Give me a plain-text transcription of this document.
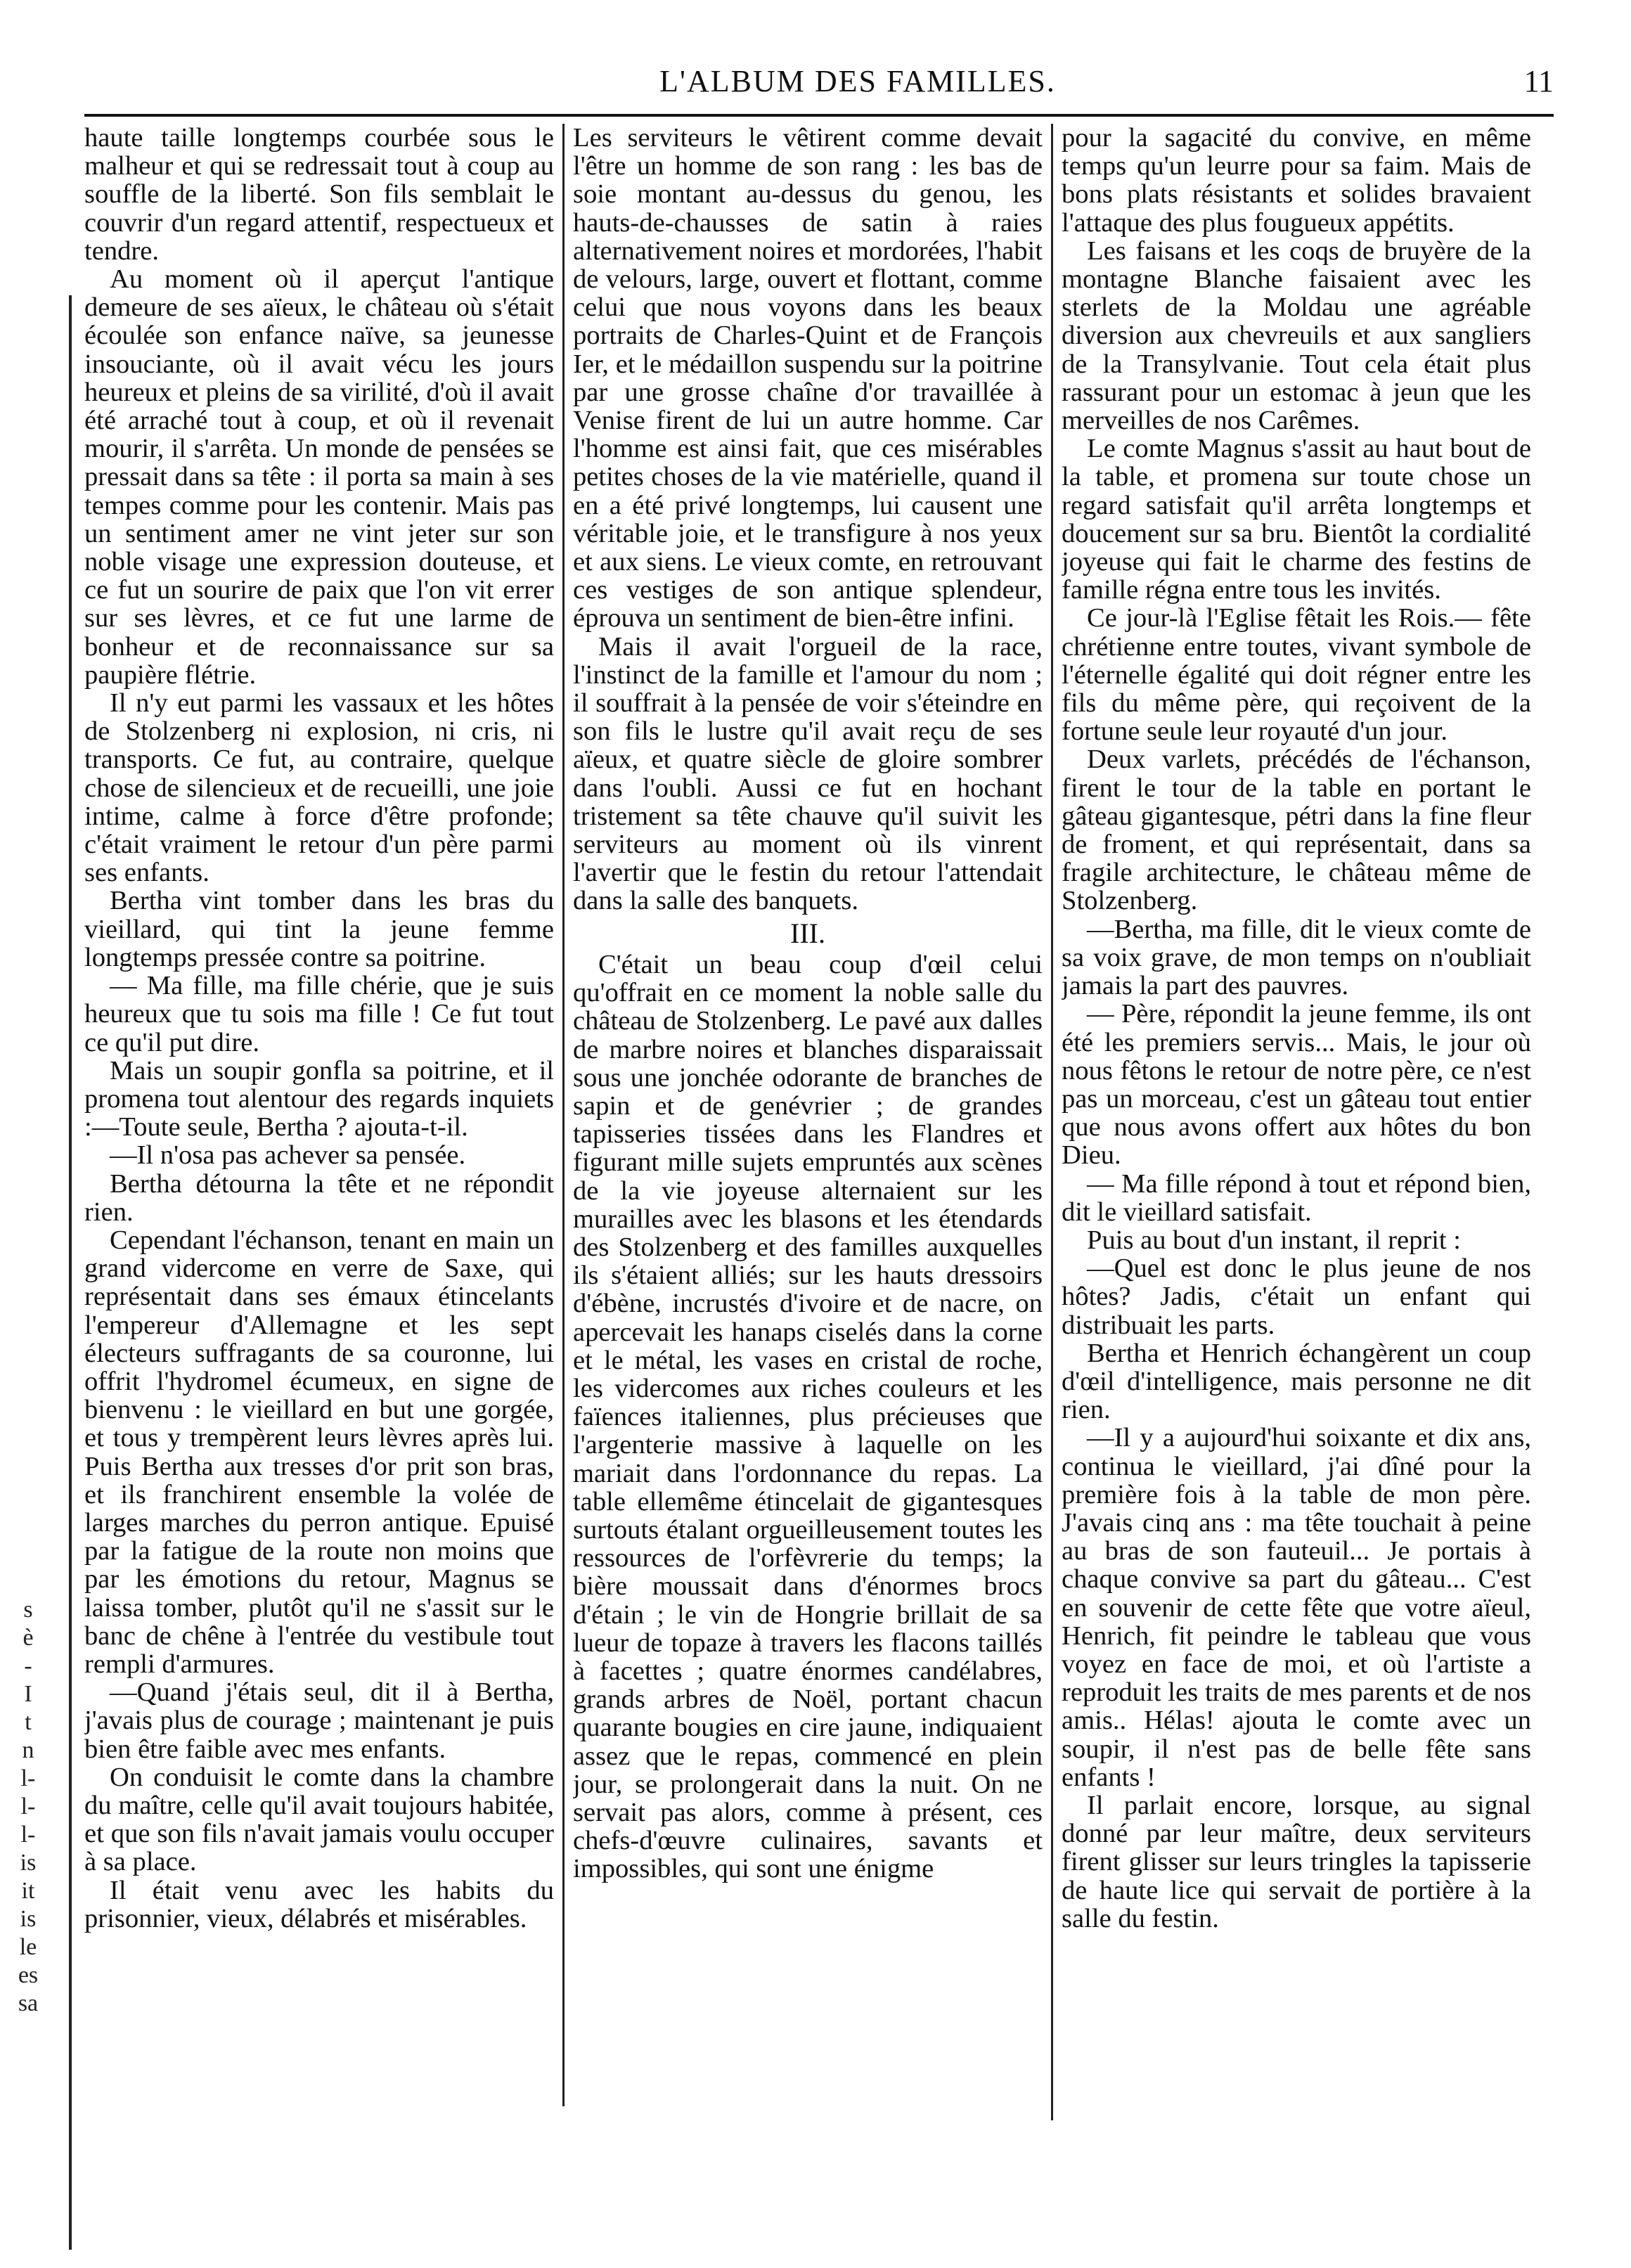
L'ALBUM DES FAMILLES.	11
s
è
-
I
t
n
l-
l-
l-
is
it
is
le
es
sa

haute taille longtemps courbée sous le malheur et qui se redressait tout à coup au souffle de la liberté. Son fils semblait le couvrir d'un regard attentif, respectueux et tendre.

Au moment où il aperçut l'antique demeure de ses aïeux, le château où s'était écoulée son enfance naïve, sa jeunesse insouciante, où il avait vécu les jours heureux et pleins de sa virilité, d'où il avait été arraché tout à coup, et où il revenait mourir, il s'arrêta. Un monde de pensées se pressait dans sa tête : il porta sa main à ses tempes comme pour les contenir. Mais pas un sentiment amer ne vint jeter sur son noble visage une expression douteuse, et ce fut un sourire de paix que l'on vit errer sur ses lèvres, et ce fut une larme de bonheur et de reconnaissance sur sa paupière flétrie.

Il n'y eut parmi les vassaux et les hôtes de Stolzenberg ni explosion, ni cris, ni transports. Ce fut, au contraire, quelque chose de silencieux et de recueilli, une joie intime, calme à force d'être profonde; c'était vraiment le retour d'un père parmi ses enfants.

Bertha vint tomber dans les bras du vieillard, qui tint la jeune femme longtemps pressée contre sa poitrine.

— Ma fille, ma fille chérie, que je suis heureux que tu sois ma fille ! Ce fut tout ce qu'il put dire.

Mais un soupir gonfla sa poitrine, et il promena tout alentour des regards inquiets :—Toute seule, Bertha ? ajouta-t-il.

—Il n'osa pas achever sa pensée.

Bertha détourna la tête et ne répondit rien.

Cependant l'échanson, tenant en main un grand vidercome en verre de Saxe, qui représentait dans ses émaux étincelants l'empereur d'Allemagne et les sept électeurs suffragants de sa couronne, lui offrit l'hydromel écumeux, en signe de bienvenu : le vieillard en but une gorgée, et tous y trempèrent leurs lèvres après lui. Puis Bertha aux tresses d'or prit son bras, et ils franchirent ensemble la volée de larges marches du perron antique. Epuisé par la fatigue de la route non moins que par les émotions du retour, Magnus se laissa tomber, plutôt qu'il ne s'assit sur le banc de chêne à l'entrée du vestibule tout rempli d'armures.

—Quand j'étais seul, dit il à Bertha, j'avais plus de courage ; maintenant je puis bien être faible avec mes enfants.

On conduisit le comte dans la chambre du maître, celle qu'il avait toujours habitée, et que son fils n'avait jamais voulu occuper à sa place.

Il était venu avec les habits du prisonnier, vieux, délabrés et misérables.

Les serviteurs le vêtirent comme devait l'être un homme de son rang : les bas de soie montant au-dessus du genou, les hauts-de-chausses de satin à raies alternativement noires et mordorées, l'habit de velours, large, ouvert et flottant, comme celui que nous voyons dans les beaux portraits de Charles-Quint et de François Ier, et le médaillon suspendu sur la poitrine par une grosse chaîne d'or travaillée à Venise firent de lui un autre homme. Car l'homme est ainsi fait, que ces misérables petites choses de la vie matérielle, quand il en a été privé longtemps, lui causent une véritable joie, et le transfigure à nos yeux et aux siens. Le vieux comte, en retrouvant ces vestiges de son antique splendeur, éprouva un sentiment de bien-être infini.

Mais il avait l'orgueil de la race, l'instinct de la famille et l'amour du nom ; il souffrait à la pensée de voir s'éteindre en son fils le lustre qu'il avait reçu de ses aïeux, et quatre siècle de gloire sombrer dans l'oubli. Aussi ce fut en hochant tristement sa tête chauve qu'il suivit les serviteurs au moment où ils vinrent l'avertir que le festin du retour l'attendait dans la salle des banquets.

III.

C'était un beau coup d'œil celui qu'offrait en ce moment la noble salle du château de Stolzenberg. Le pavé aux dalles de marbre noires et blanches disparaissait sous une jonchée odorante de branches de sapin et de genévrier ; de grandes tapisseries tissées dans les Flandres et figurant mille sujets empruntés aux scènes de la vie joyeuse alternaient sur les murailles avec les blasons et les étendards des Stolzenberg et des familles auxquelles ils s'étaient alliés; sur les hauts dressoirs d'ébène, incrustés d'ivoire et de nacre, on apercevait les hanaps ciselés dans la corne et le métal, les vases en cristal de roche, les vidercomes aux riches couleurs et les faïences italiennes, plus précieuses que l'argenterie massive à laquelle on les mariait dans l'ordonnance du repas. La table ellemême étincelait de gigantesques surtouts étalant orgueilleusement toutes les ressources de l'orfèvrerie du temps; la bière moussait dans d'énormes brocs d'étain ; le vin de Hongrie brillait de sa lueur de topaze à travers les flacons taillés à facettes ; quatre énormes candélabres, grands arbres de Noël, portant chacun quarante bougies en cire jaune, indiquaient assez que le repas, commencé en plein jour, se prolongerait dans la nuit. On ne servait pas alors, comme à présent, ces chefs-d'œuvre culinaires, savants et impossibles, qui sont une énigme

pour la sagacité du convive, en même temps qu'un leurre pour sa faim. Mais de bons plats résistants et solides bravaient l'attaque des plus fougueux appétits.

Les faisans et les coqs de bruyère de la montagne Blanche faisaient avec les sterlets de la Moldau une agréable diversion aux chevreuils et aux sangliers de la Transylvanie. Tout cela était plus rassurant pour un estomac à jeun que les merveilles de nos Carêmes.

Le comte Magnus s'assit au haut bout de la table, et promena sur toute chose un regard satisfait qu'il arrêta longtemps et doucement sur sa bru. Bientôt la cordialité joyeuse qui fait le charme des festins de famille régna entre tous les invités.

Ce jour-là l'Eglise fêtait les Rois.— fête chrétienne entre toutes, vivant symbole de l'éternelle égalité qui doit régner entre les fils du même père, qui reçoivent de la fortune seule leur royauté d'un jour.

Deux varlets, précédés de l'échanson, firent le tour de la table en portant le gâteau gigantesque, pétri dans la fine fleur de froment, et qui représentait, dans sa fragile architecture, le château même de Stolzenberg.

—Bertha, ma fille, dit le vieux comte de sa voix grave, de mon temps on n'oubliait jamais la part des pauvres.

— Père, répondit la jeune femme, ils ont été les premiers servis... Mais, le jour où nous fêtons le retour de notre père, ce n'est pas un morceau, c'est un gâteau tout entier que nous avons offert aux hôtes du bon Dieu.

— Ma fille répond à tout et répond bien, dit le vieillard satisfait.

Puis au bout d'un instant, il reprit :

—Quel est donc le plus jeune de nos hôtes? Jadis, c'était un enfant qui distribuait les parts.

Bertha et Henrich échangèrent un coup d'œil d'intelligence, mais personne ne dit rien.

—Il y a aujourd'hui soixante et dix ans, continua le vieillard, j'ai dîné pour la première fois à la table de mon père. J'avais cinq ans : ma tête touchait à peine au bras de son fauteuil... Je portais à chaque convive sa part du gâteau... C'est en souvenir de cette fête que votre aïeul, Henrich, fit peindre le tableau que vous voyez en face de moi, et où l'artiste a reproduit les traits de mes parents et de nos amis.. Hélas! ajouta le comte avec un soupir, il n'est pas de belle fête sans enfants !

Il parlait encore, lorsque, au signal donné par leur maître, deux serviteurs firent glisser sur leurs tringles la tapisserie de haute lice qui servait de portière à la salle du festin.
